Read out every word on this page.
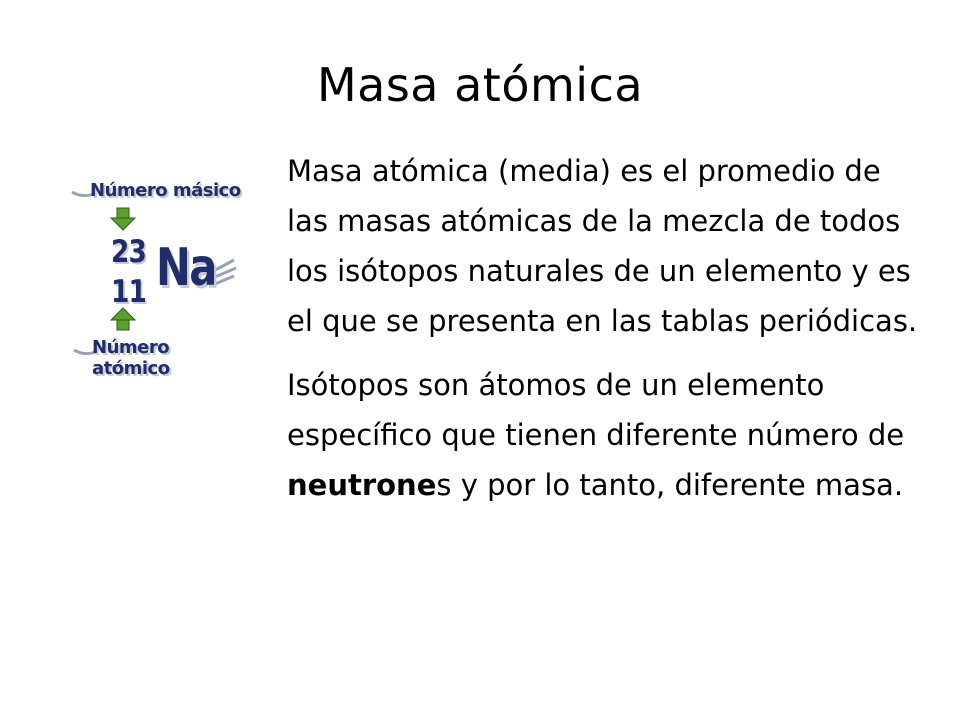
Masa atómica
Número másico
23
11 Na
Número atómico

Masa atómica (media) es el promedio de las masas atómicas de la mezcla de todos los isótopos naturales de un elemento y es el que se presenta en las tablas periódicas.

Isótopos son átomos de un elemento específico que tienen diferente número de neutrones y por lo tanto, diferente masa.
